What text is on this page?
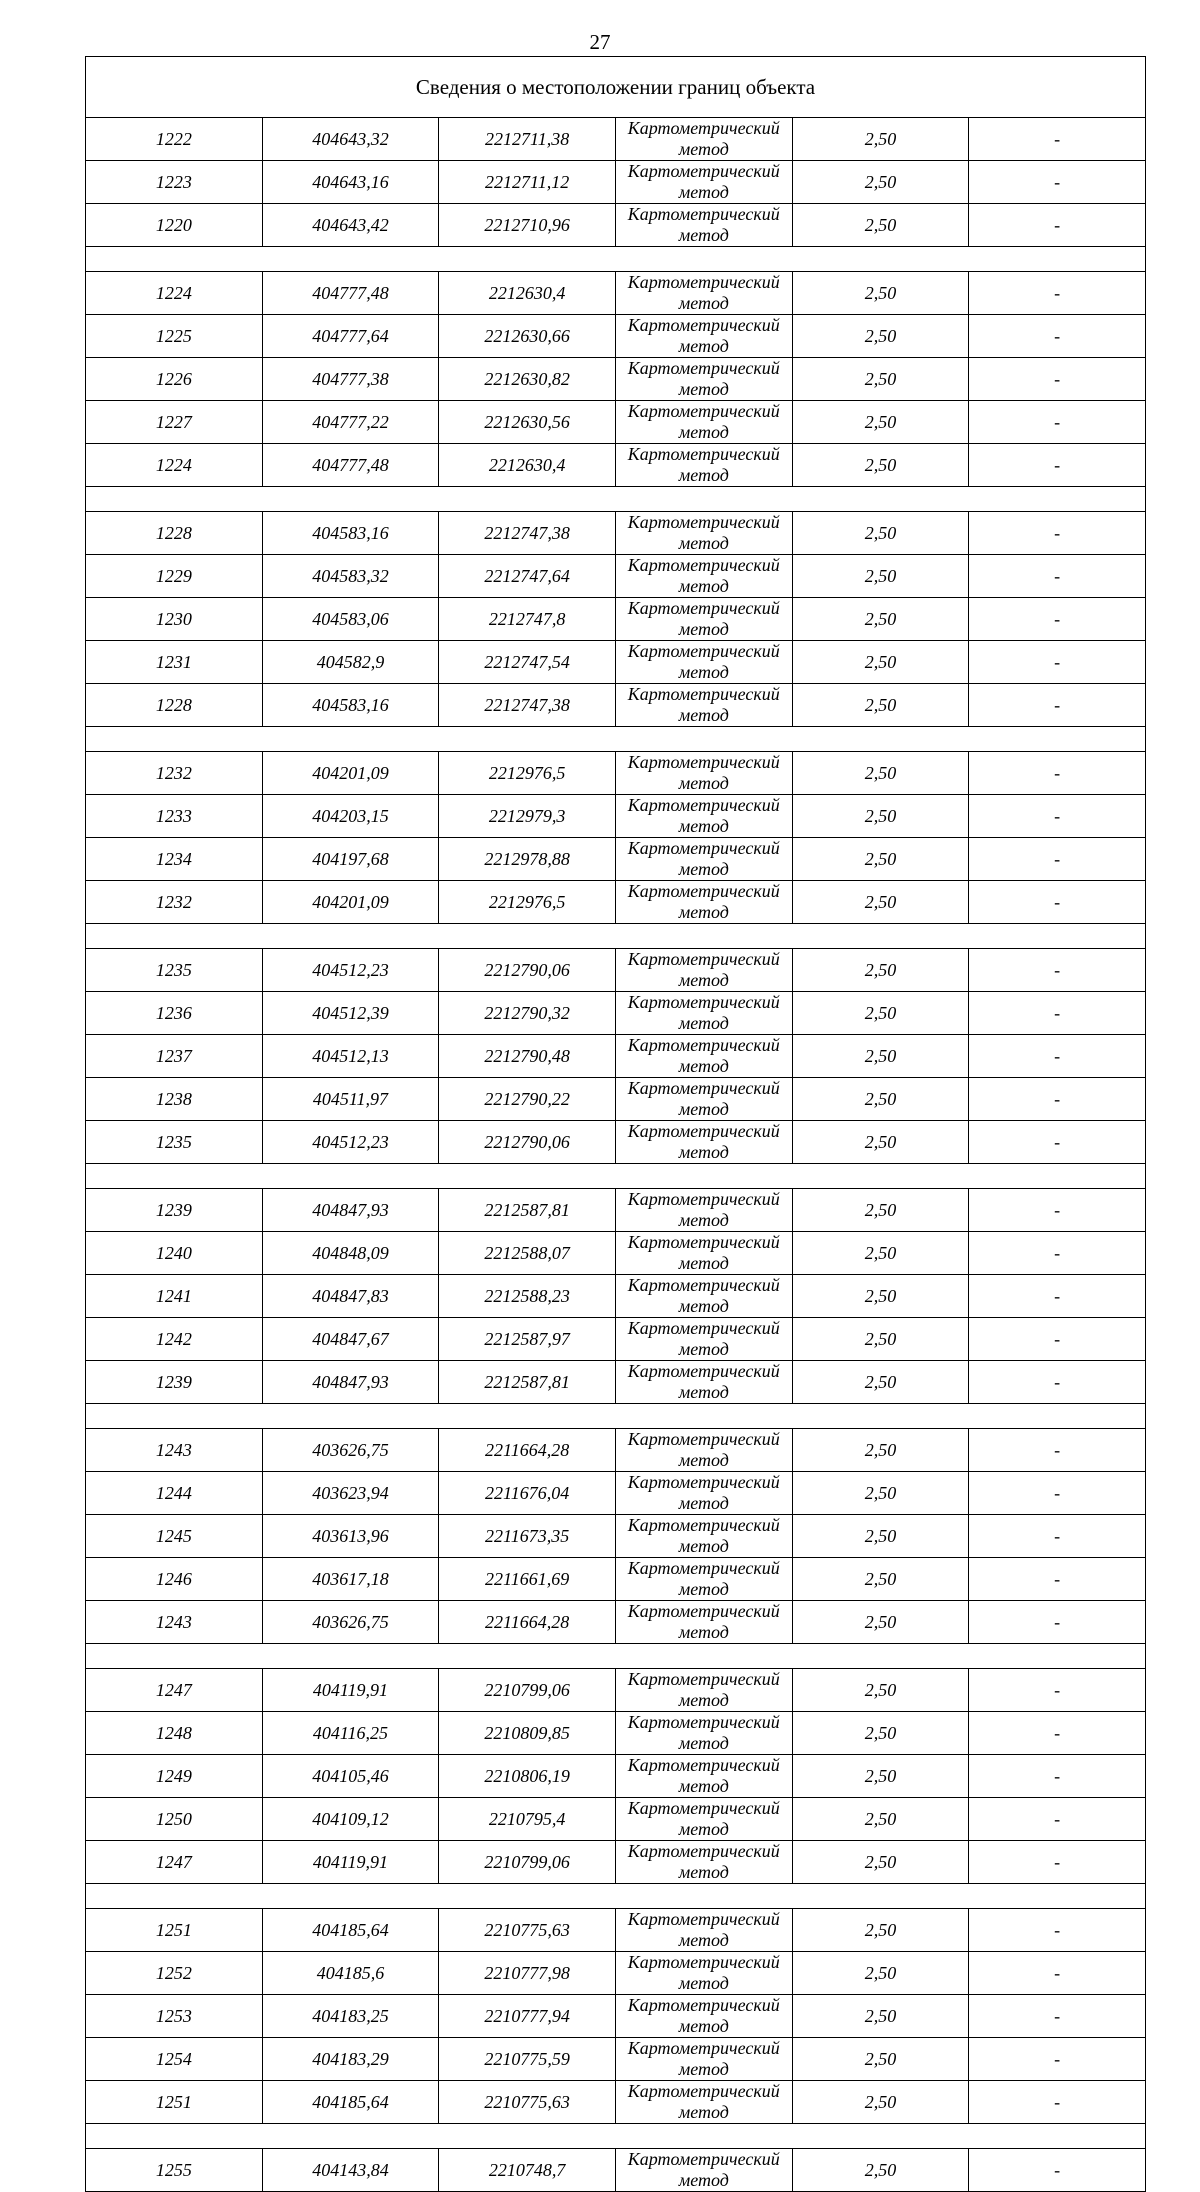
27
Сведения о местоположении границ объекта					
1222	404643,32	2212711,38	Картометрический метод	2,50	-
1223	404643,16	2212711,12	Картометрический метод	2,50	-
1220	404643,42	2212710,96	Картометрический метод	2,50	-

1224	404777,48	2212630,4	Картометрический метод	2,50	-
1225	404777,64	2212630,66	Картометрический метод	2,50	-
1226	404777,38	2212630,82	Картометрический метод	2,50	-
1227	404777,22	2212630,56	Картометрический метод	2,50	-
1224	404777,48	2212630,4	Картометрический метод	2,50	-

1228	404583,16	2212747,38	Картометрический метод	2,50	-
1229	404583,32	2212747,64	Картометрический метод	2,50	-
1230	404583,06	2212747,8	Картометрический метод	2,50	-
1231	404582,9	2212747,54	Картометрический метод	2,50	-
1228	404583,16	2212747,38	Картометрический метод	2,50	-

1232	404201,09	2212976,5	Картометрический метод	2,50	-
1233	404203,15	2212979,3	Картометрический метод	2,50	-
1234	404197,68	2212978,88	Картометрический метод	2,50	-
1232	404201,09	2212976,5	Картометрический метод	2,50	-

1235	404512,23	2212790,06	Картометрический метод	2,50	-
1236	404512,39	2212790,32	Картометрический метод	2,50	-
1237	404512,13	2212790,48	Картометрический метод	2,50	-
1238	404511,97	2212790,22	Картометрический метод	2,50	-
1235	404512,23	2212790,06	Картометрический метод	2,50	-

1239	404847,93	2212587,81	Картометрический метод	2,50	-
1240	404848,09	2212588,07	Картометрический метод	2,50	-
1241	404847,83	2212588,23	Картометрический метод	2,50	-
1242	404847,67	2212587,97	Картометрический метод	2,50	-
1239	404847,93	2212587,81	Картометрический метод	2,50	-

1243	403626,75	2211664,28	Картометрический метод	2,50	-
1244	403623,94	2211676,04	Картометрический метод	2,50	-
1245	403613,96	2211673,35	Картометрический метод	2,50	-
1246	403617,18	2211661,69	Картометрический метод	2,50	-
1243	403626,75	2211664,28	Картометрический метод	2,50	-

1247	404119,91	2210799,06	Картометрический метод	2,50	-
1248	404116,25	2210809,85	Картометрический метод	2,50	-
1249	404105,46	2210806,19	Картометрический метод	2,50	-
1250	404109,12	2210795,4	Картометрический метод	2,50	-
1247	404119,91	2210799,06	Картометрический метод	2,50	-

1251	404185,64	2210775,63	Картометрический метод	2,50	-
1252	404185,6	2210777,98	Картометрический метод	2,50	-
1253	404183,25	2210777,94	Картометрический метод	2,50	-
1254	404183,29	2210775,59	Картометрический метод	2,50	-
1251	404185,64	2210775,63	Картометрический метод	2,50	-

1255	404143,84	2210748,7	Картометрический метод	2,50	-
